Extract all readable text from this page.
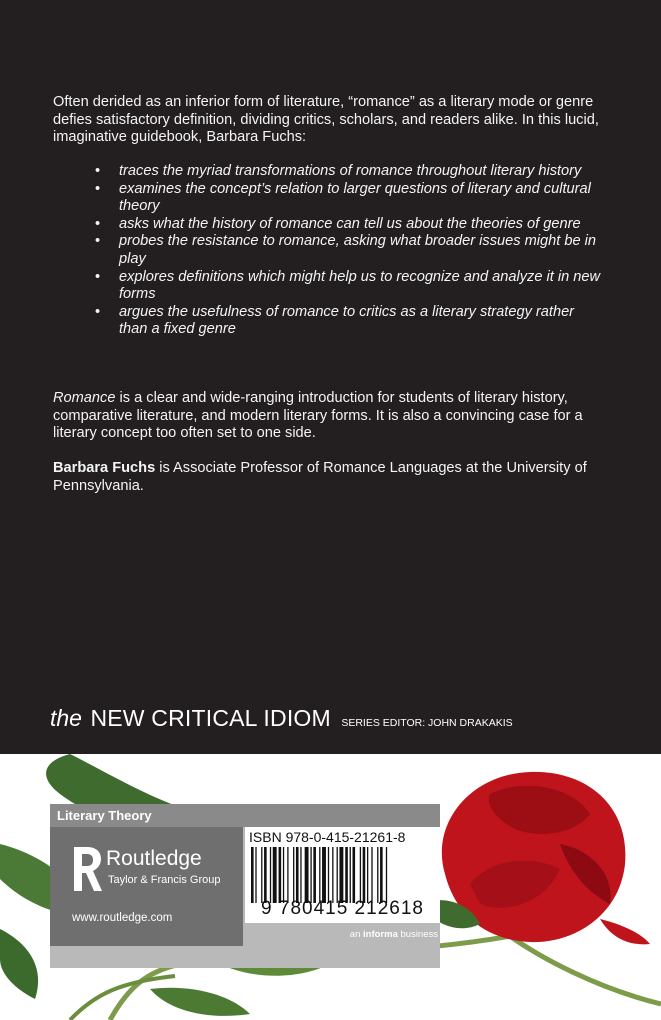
Often derided as an inferior form of literature, “romance” as a literary mode or genre defies satisfactory definition, dividing critics, scholars, and readers alike. In this lucid, imaginative guidebook, Barbara Fuchs:

• traces the myriad transformations of romance throughout literary history
• examines the concept’s relation to larger questions of literary and cultural theory
• asks what the history of romance can tell us about the theories of genre
• probes the resistance to romance, asking what broader issues might be in play
• explores definitions which might help us to recognize and analyze it in new forms
• argues the usefulness of romance to critics as a literary strategy rather than a fixed genre

Romance is a clear and wide-ranging introduction for students of literary history, comparative literature, and modern literary forms. It is also a convincing case for a literary concept too often set to one side.

Barbara Fuchs is Associate Professor of Romance Languages at the University of Pennsylvania.

the NEW CRITICAL IDIOM SERIES EDITOR: JOHN DRAKAKIS
Literary Theory
ROUTLEDGE
Routledge
Taylor & Francis Group
www.routledge.com
ISBN 978-0-415-21261-8
9 780415 212618
an informa business
